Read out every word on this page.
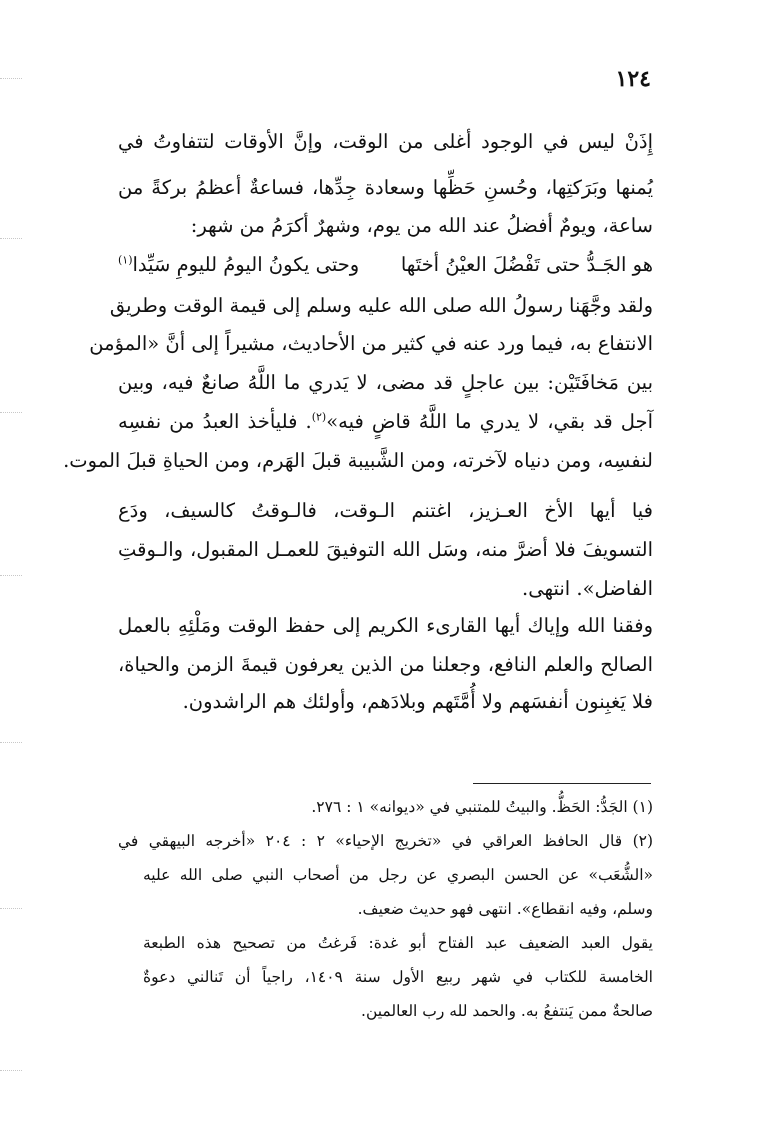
١٢٤
إِذَنْ ليس في الوجود أغلى من الوقت، وإنَّ الأوقات لتتفاوتُ في
يُمنها وبَرَكتِها، وحُسنِ حَظِّها وسعادة جِدِّها، فساعةٌ أعظمُ بركةً من
ساعة، ويومٌ أفضلُ عند الله من يوم، وشهرٌ أكرَمُ من شهر:
هو الجَـدُّ حتى تَفْضُلَ العيْنُ أختَها
وحتى يكونُ اليومُ لليومِ سَيِّدا$^{(١)}$
ولقد وجَّهَنا رسولُ الله صلى الله عليه وسلم إلى قيمة الوقت وطريق
الانتفاع به، فيما ورد عنه في كثير من الأحاديث، مشيراً إلى أنَّ «المؤمن
بين مَخافَتَيْن: بين عاجلٍ قد مضى، لا يَدري ما اللَّهُ صانعٌ فيه، وبين
آجل قد بقي، لا يدري ما اللَّهُ قاضٍ فيه»$^{(٢)}$. فليأخذ العبدُ من نفسِه
لنفسِه، ومن دنياه لآخرته، ومن الشَّبيبة قبلَ الهَرم، ومن الحياةِ قبلَ الموت.
فيا أيها الأخ العـزيز، اغتنم الـوقت، فالـوقتُ كالسيف، ودَع
التسويفَ فلا أضرَّ منه، وسَل الله التوفيقَ للعمـل المقبول، والـوقتِ
الفاضل». انتهى.
وفقنا الله وإياك أيها القارىء الكريم إلى حفظ الوقت ومَلْئِهِ بالعمل
الصالح والعلم النافع، وجعلنا من الذين يعرفون قيمةَ الزمن والحياة،
فلا يَغبِنون أنفسَهم ولا أُمَّتَهم وبلادَهم، وأولئك هم الراشدون.
(١) الجَدُّ: الحَظُّ. والبيتُ للمتنبي في «ديوانه» ١ : ٢٧٦.
(٢) قال الحافظ العراقي في «تخريج الإحياء» ٢ : ٢٠٤ «أخرجه البيهقي في
«الشُّعَب» عن الحسن البصري عن رجل من أصحاب النبي صلى الله عليه
وسلم، وفيه انقطاع». انتهى فهو حديث ضعيف.
يقول العبد الضعيف عبد الفتاح أبو غدة: فَرغتُ من تصحيح هذه الطبعة
الخامسة للكتاب في شهر ربيع الأول سنة ١٤٠٩، راجياً أن تَنالني دعوةٌ
صالحةٌ ممن يَنتفعُ به. والحمد لله رب العالمين.
